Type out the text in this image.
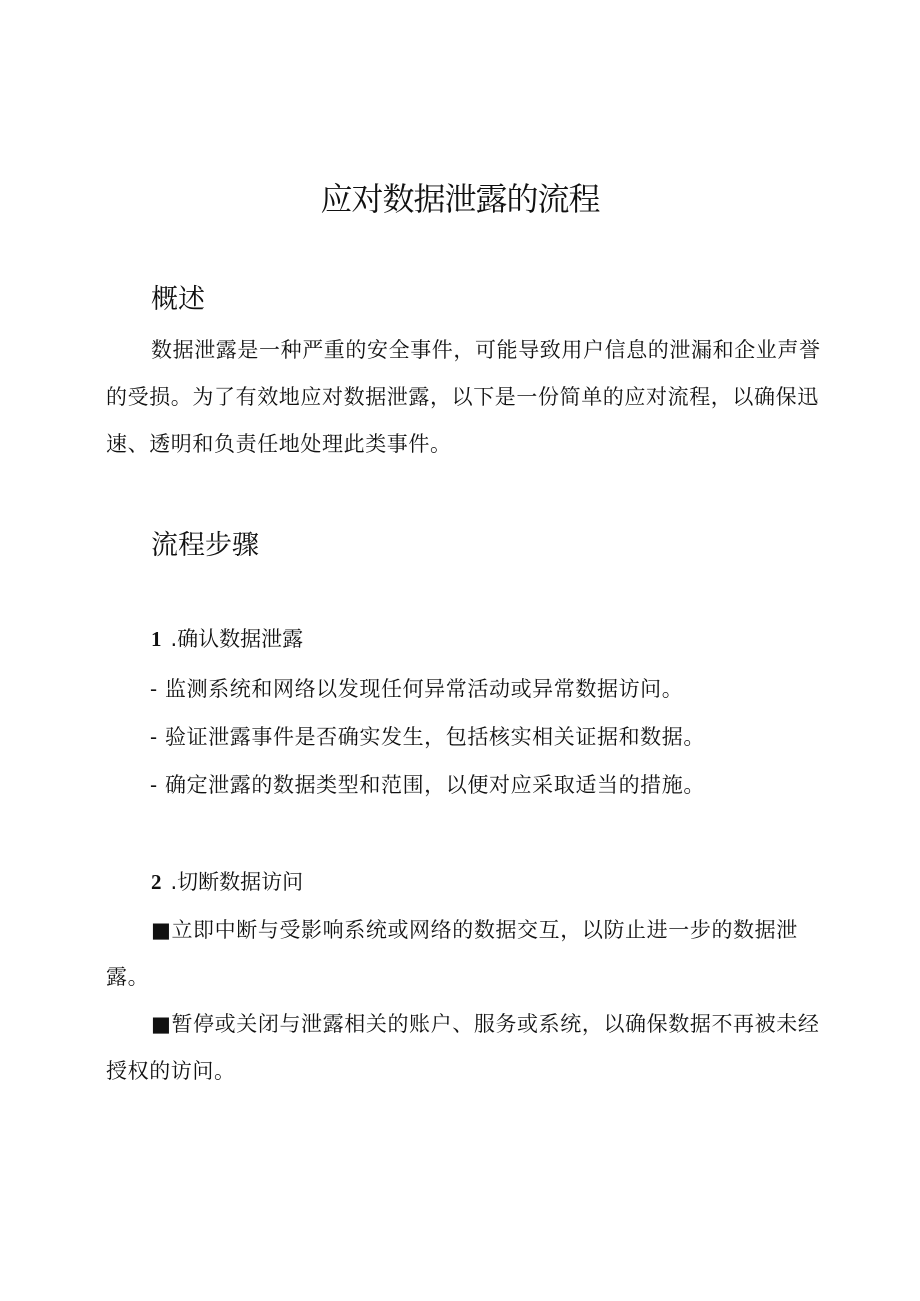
应对数据泄露的流程
概述

数据泄露是一种严重的安全事件，可能导致用户信息的泄漏和企业声誉的受损。为了有效地应对数据泄露，以下是一份简单的应对流程，以确保迅速、透明和负责任地处理此类事件。

流程步骤
1 .确认数据泄露
- 监测系统和网络以发现任何异常活动或异常数据访问。
- 验证泄露事件是否确实发生，包括核实相关证据和数据。
- 确定泄露的数据类型和范围，以便对应采取适当的措施。
2 .切断数据访问

■立即中断与受影响系统或网络的数据交互，以防止进一步的数据泄露。

■暂停或关闭与泄露相关的账户、服务或系统，以确保数据不再被未经授权的访问。
